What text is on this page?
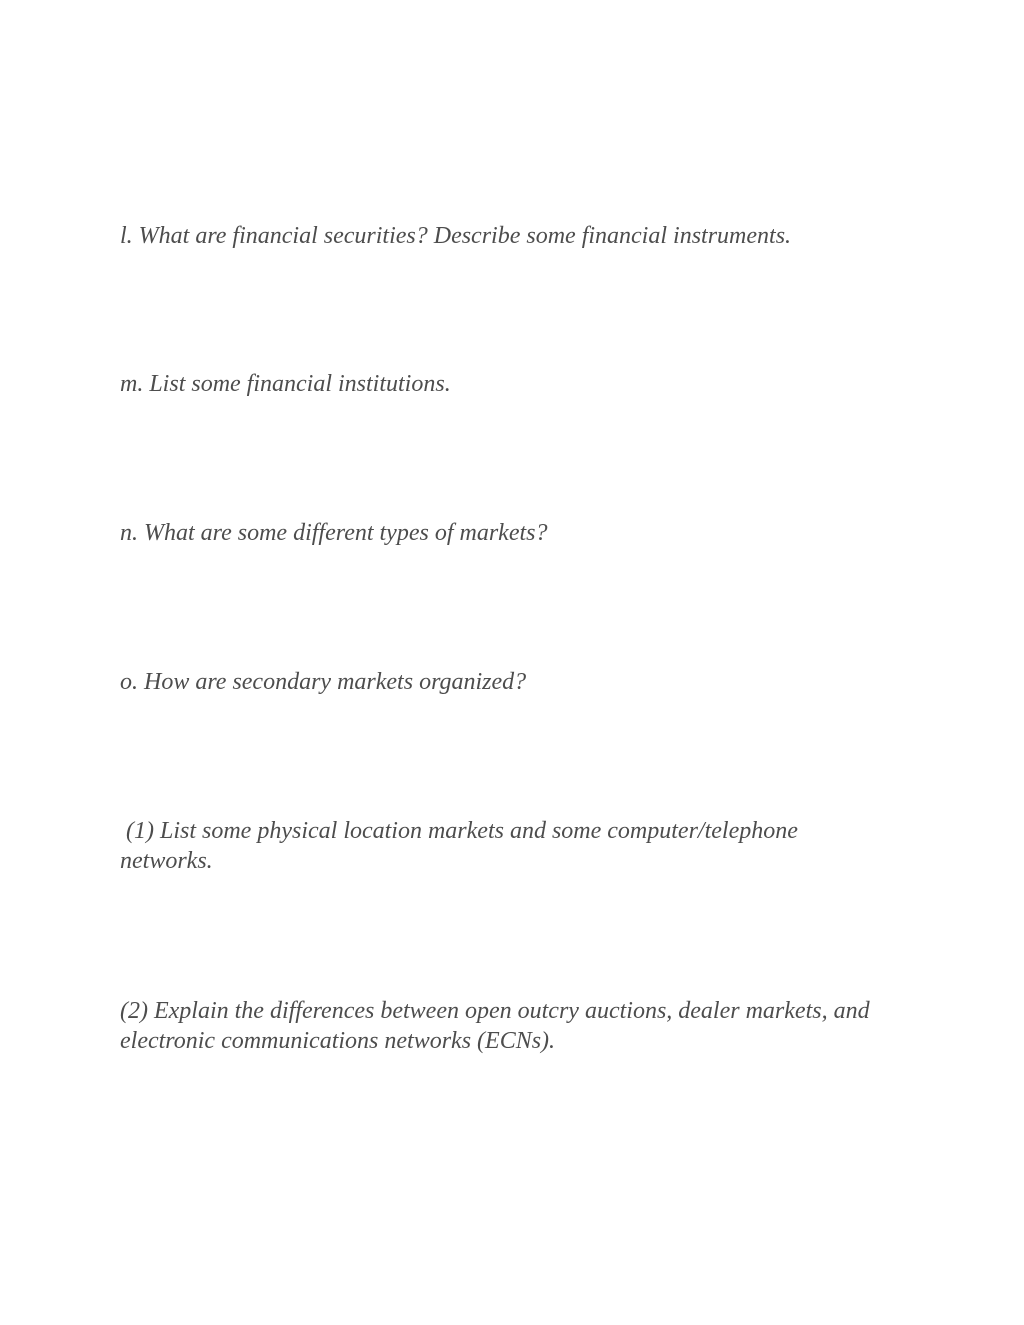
l. What are financial securities? Describe some financial instruments.

m. List some financial institutions.

n. What are some different types of markets?

o. How are secondary markets organized?

(1) List some physical location markets and some computer/telephone networks.

(2) Explain the differences between open outcry auctions, dealer markets, and electronic communications networks (ECNs).
